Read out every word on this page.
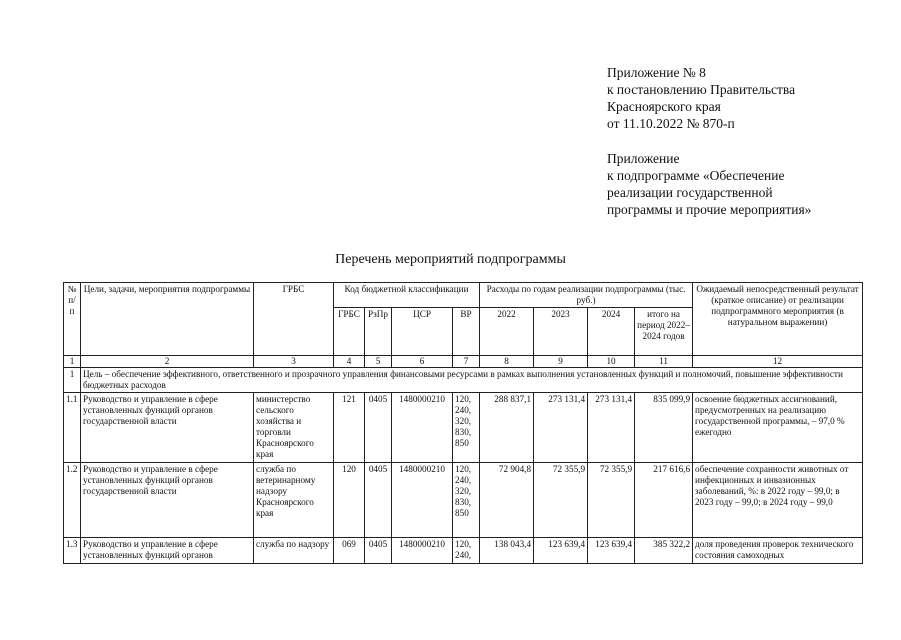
Приложение № 8
к постановлению Правительства
Красноярского края
от 11.10.2022 № 870-п
Приложение
к подпрограмме «Обеспечение
реализации государственной
программы и прочие мероприятия»
Перечень мероприятий подпрограммы
№ п/п	Цели, задачи, мероприятия подпрограммы	ГРБС	Код бюджетной классификации				Расходы по годам реализации подпрограммы (тыс. руб.)				Ожидаемый непосредственный результат (краткое описание) от реализации подпрограммного мероприятия (в натуральном выражении)
			ГРБС	РзПр	ЦСР	ВР	2022	2023	2024	итого на период 2022–2024 годов	
1	2	3	4	5	6	7	8	9	10	11	12
1	Цель – обеспечение эффективного, ответственного и прозрачного управления финансовыми ресурсами в рамках выполнения установленных функций и полномочий, повышение эффективности бюджетных расходов										
1.1	Руководство и управление в сфере установленных функций органов государственной власти	министерство сельского хозяйства и торговли Красноярского края	121	0405	1480000210	120, 240, 320, 830, 850	288 837,1	273 131,4	273 131,4	835 099,9	освоение бюджетных ассигнований, предусмотренных на реализацию государственной программы, – 97,0 % ежегодно
1.2	Руководство и управление в сфере установленных функций органов государственной власти	служба по ветеринарному надзору Красноярского края	120	0405	1480000210	120, 240, 320, 830, 850	72 904,8	72 355,9	72 355,9	217 616,6	обеспечение сохранности животных от инфекционных и инвазионных заболеваний, %: в 2022 году – 99,0; в 2023 году – 99,0; в 2024 году – 99,0
1.3	Руководство и управление в сфере установленных функций органов	служба по надзору	069	0405	1480000210	120, 240,	138 043,4	123 639,4	123 639,4	385 322,2	доля проведения проверок технического состояния самоходных
